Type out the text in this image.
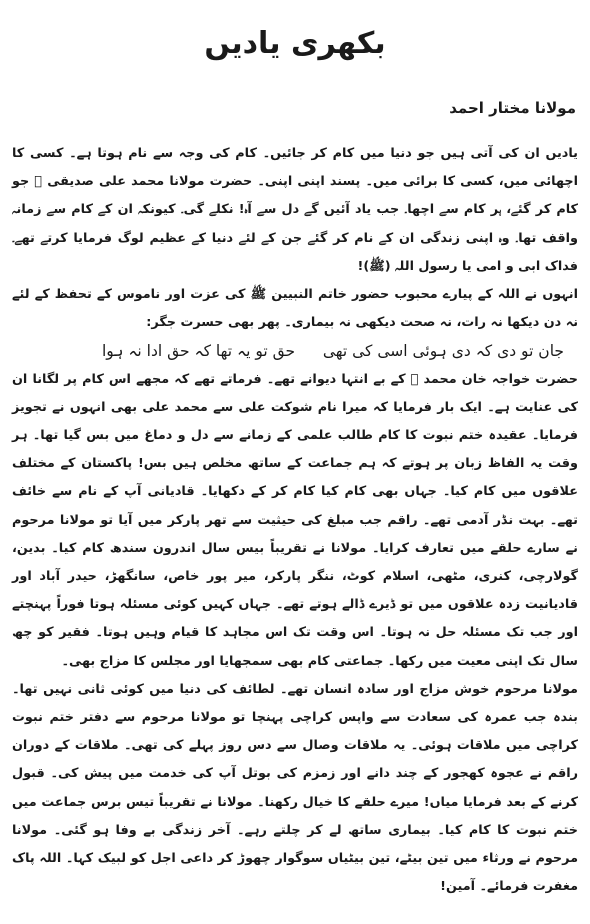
بکھری یادیں
مولانا مختار احمد

یادیں ان کی آتی ہیں جو دنیا میں کام کر جائیں۔ کام کی وجہ سے نام ہوتا ہے۔ کسی کا اچھائی میں، کسی کا برائی میں۔ پسند اپنی اپنی۔ حضرت مولانا محمد علی صدیقی ﷫ جو کام کر گئے، ہر کام سے اچھا۔ جب یاد آئیں گے دل سے آہ! نکلے گی۔ کیونکہ ان کے کام سے زمانہ واقف تھا۔ وہ اپنی زندگی ان کے نام کر گئے جن کے لئے دنیا کے عظیم لوگ فرمایا کرتے تھے۔ فداک ابی و امی یا رسول اللہ (ﷺ)!

انہوں نے اللہ کے پیارے محبوب حضور خاتم النبیین ﷺ کی عزت اور ناموس کے تحفظ کے لئے نہ دن دیکھا نہ رات، نہ صحت دیکھی نہ بیماری۔ پھر بھی حسرت جگر:

جان تو دی کہ دی ہوئی اسی کی تھی
حق تو یہ تھا کہ حق ادا نہ ہوا

حضرت خواجہ خان محمد ﷫ کے بے انتہا دیوانے تھے۔ فرماتے تھے کہ مجھے اس کام پر لگانا ان کی عنایت ہے۔ ایک بار فرمایا کہ میرا نام شوکت علی سے محمد علی بھی انہوں نے تجویز فرمایا۔ عقیدہ ختم نبوت کا کام طالب علمی کے زمانے سے دل و دماغ میں بس گیا تھا۔ ہر وقت یہ الفاظ زبان پر ہوتے کہ ہم جماعت کے ساتھ مخلص ہیں بس! پاکستان کے مختلف علاقوں میں کام کیا۔ جہاں بھی کام کیا کام کر کے دکھایا۔ قادیانی آپ کے نام سے خائف تھے۔ بہت نڈر آدمی تھے۔ راقم جب مبلغ کی حیثیت سے تھر پارکر میں آیا تو مولانا مرحوم نے سارے حلقے میں تعارف کرایا۔ مولانا نے تقریباً بیس سال اندرون سندھ کام کیا۔ بدین، گولارچی، کنری، مٹھی، اسلام کوٹ، ننگر پارکر، میر پور خاص، سانگھڑ، حیدر آباد اور قادیانیت زدہ علاقوں میں تو ڈیرے ڈالے ہوتے تھے۔ جہاں کہیں کوئی مسئلہ ہوتا فوراً پہنچتے اور جب تک مسئلہ حل نہ ہوتا۔ اس وقت تک اس مجاہد کا قیام وہیں ہوتا۔ فقیر کو چھ سال تک اپنی معیت میں رکھا۔ جماعتی کام بھی سمجھایا اور مجلس کا مزاج بھی۔

مولانا مرحوم خوش مزاج اور سادہ انسان تھے۔ لطائف کی دنیا میں کوئی ثانی نہیں تھا۔ بندہ جب عمرہ کی سعادت سے واپس کراچی پہنچا تو مولانا مرحوم سے دفتر ختم نبوت کراچی میں ملاقات ہوئی۔ یہ ملاقات وصال سے دس روز پہلے کی تھی۔ ملاقات کے دوران راقم نے عجوہ کھجور کے چند دانے اور زمزم کی بوتل آپ کی خدمت میں پیش کی۔ قبول کرنے کے بعد فرمایا میاں! میرے حلقے کا خیال رکھنا۔ مولانا نے تقریباً تیس برس جماعت میں ختم نبوت کا کام کیا۔ بیماری ساتھ لے کر چلتے رہے۔ آخر زندگی بے وفا ہو گئی۔ مولانا مرحوم نے ورثاء میں تین بیٹے، تین بیٹیاں سوگوار چھوڑ کر داعی اجل کو لبیک کہا۔ اللہ پاک مغفرت فرمائے۔ آمین!
